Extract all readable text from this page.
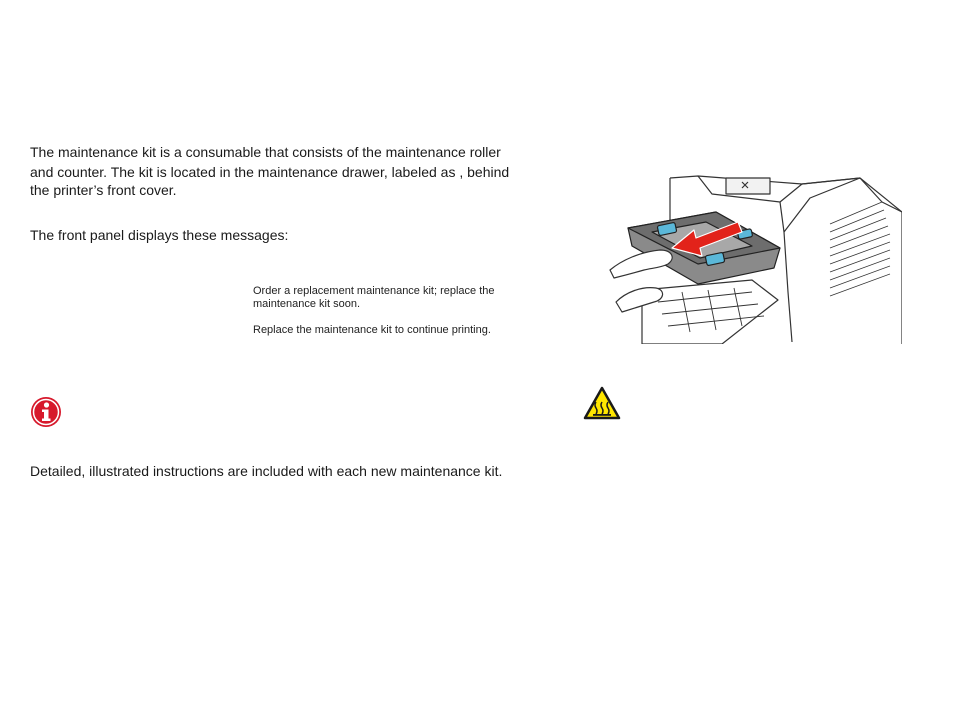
The maintenance kit is a consumable that consists of the maintenance roller

and counter. The kit is located in the maintenance drawer, labeled as , behind

the printer’s front cover.

The front panel displays these messages:

Order a replacement maintenance kit; replace the

maintenance kit soon.

Replace the maintenance kit to continue printing.

Detailed, illustrated instructions are included with each new maintenance kit.
